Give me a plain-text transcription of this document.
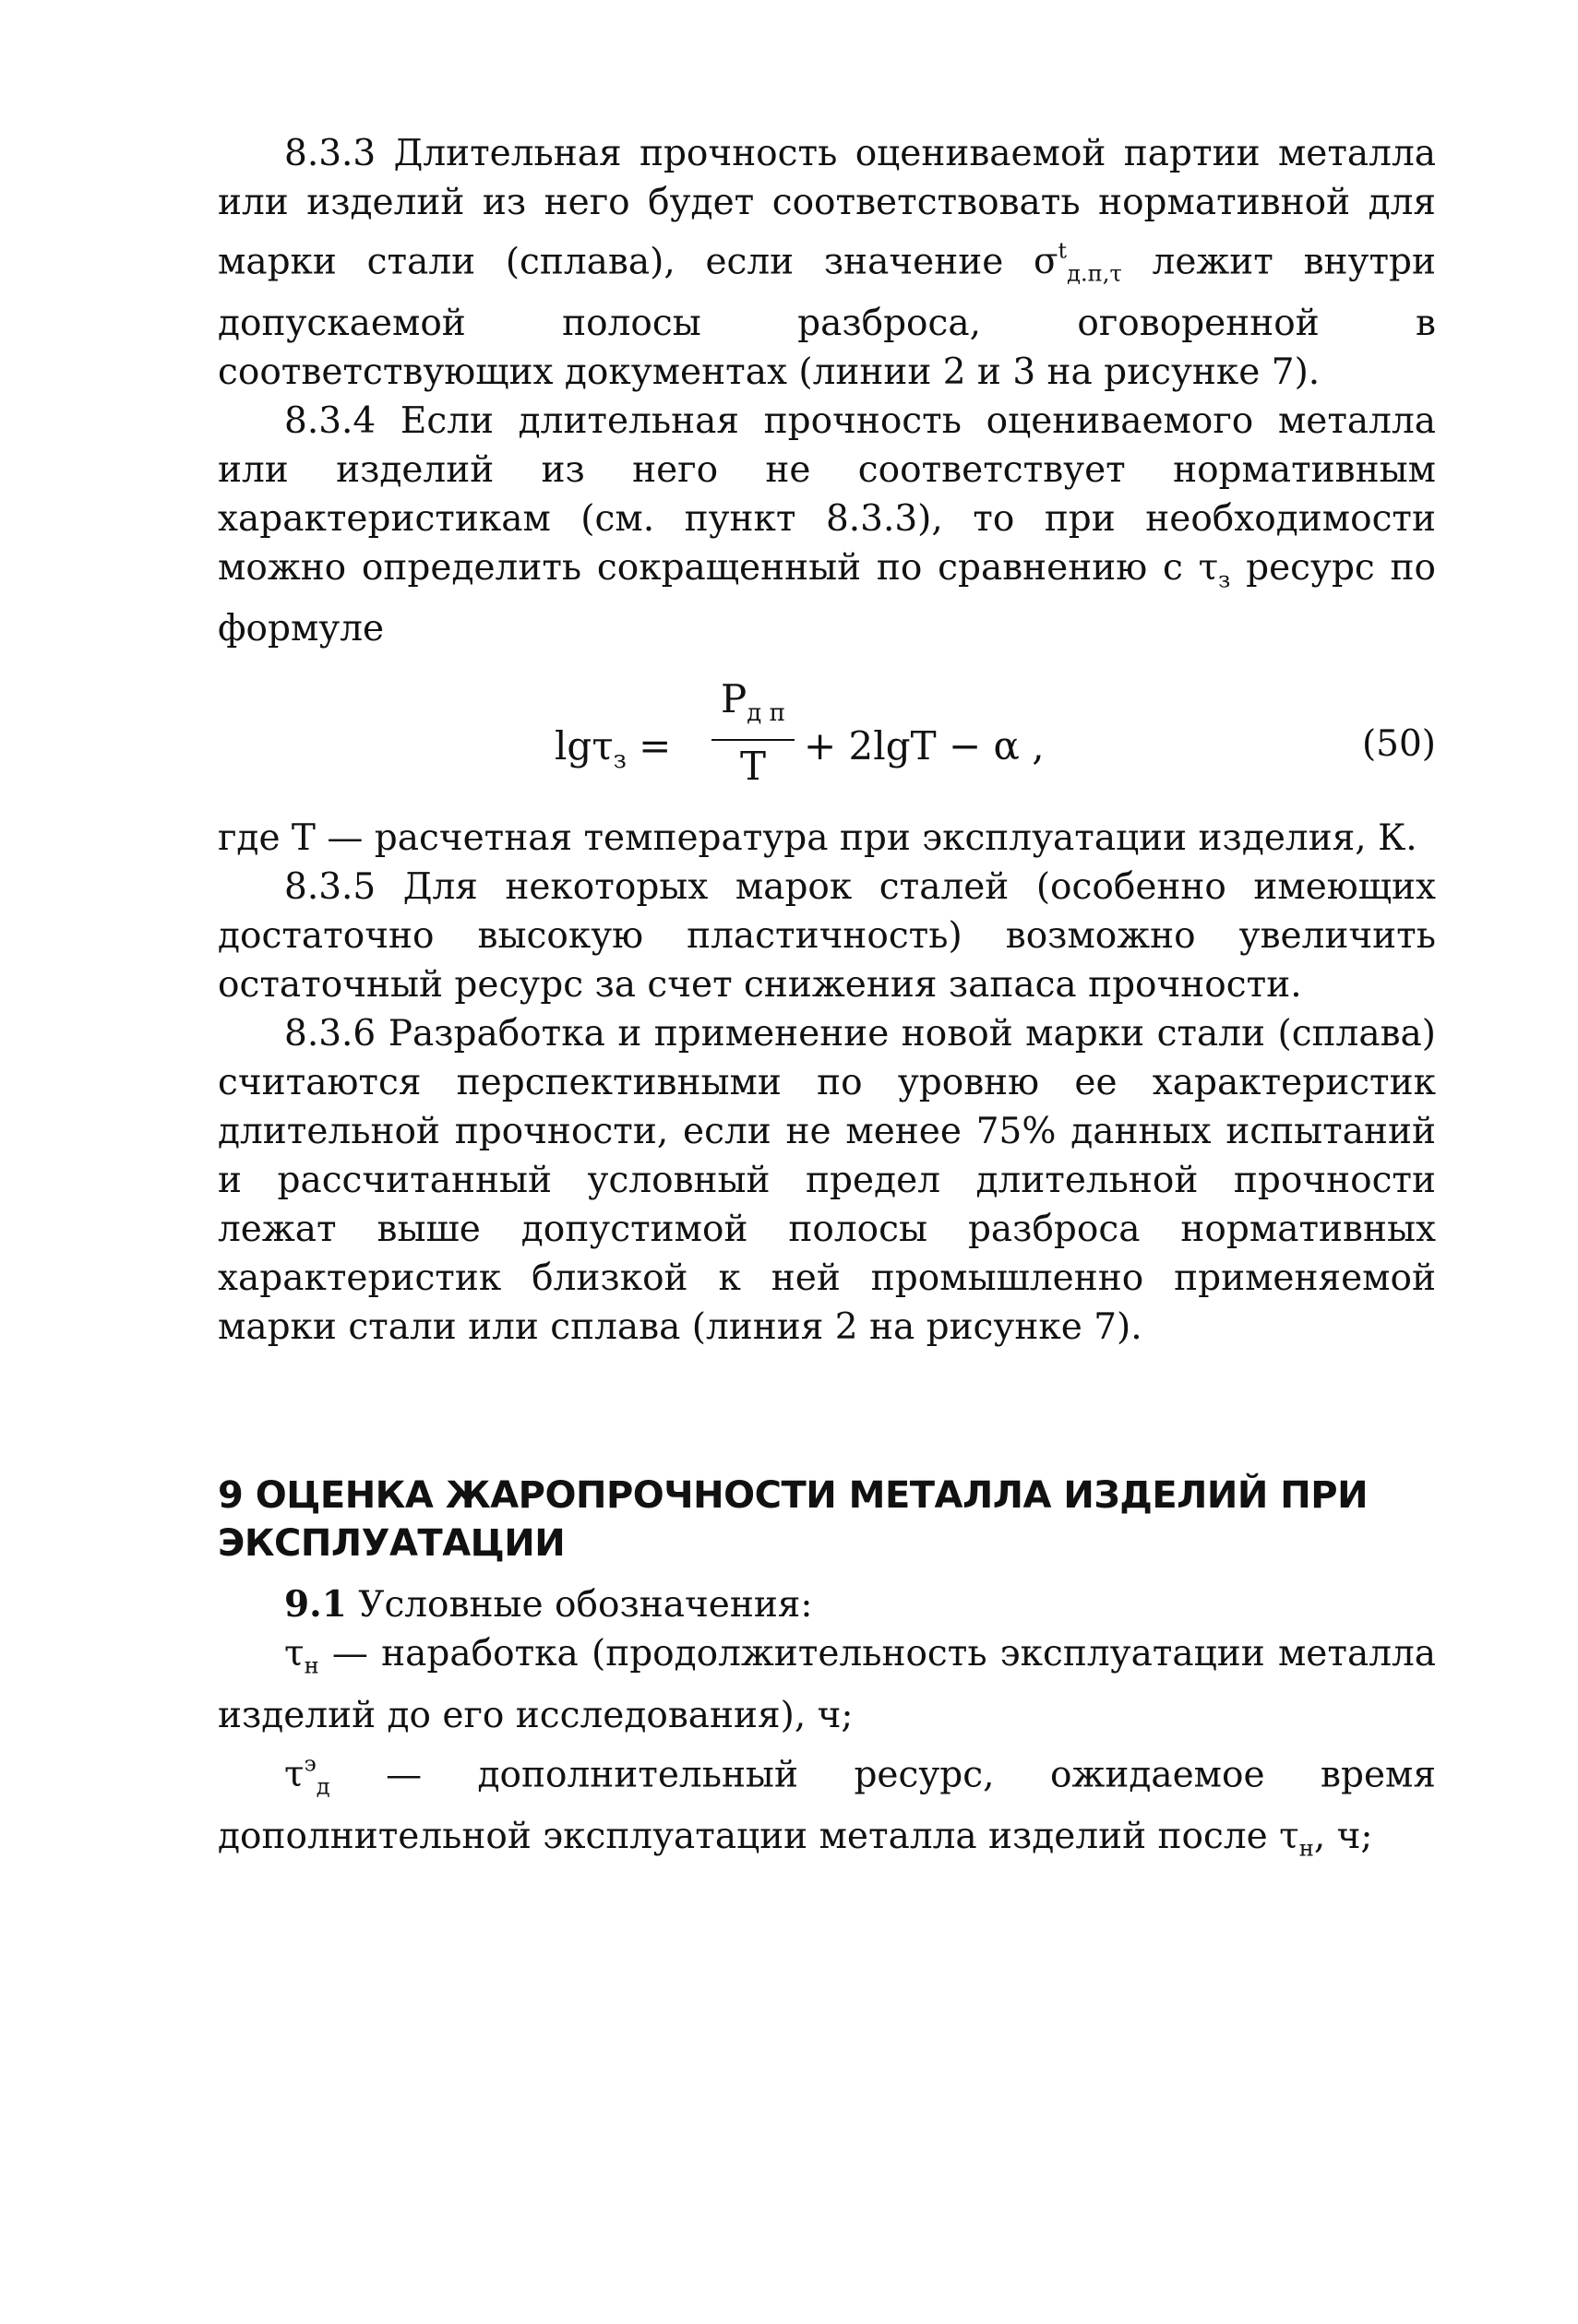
8.3.3 Длительная прочность оцениваемой партии металла или изделий из него будет соответствовать нормативной для марки стали (сплава), если значение $\sigma^t_{д.п,\tau}$ лежит внутри допускаемой полосы разброса, оговоренной в соответствующих документах (линии 2 и 3 на рисунке 7).

8.3.4 Если длительная прочность оцениваемого металла или изделий из него не соответствует нормативным характеристикам (см. пункт 8.3.3), то при необходимости можно определить сокращенный по сравнению с $\tau_з$ ресурс по формуле

lgτ$_з$ =
$P_{д п}$
T + 2lgT − α ,	(50)

где T — расчетная температура при эксплуатации изделия, К.

8.3.5 Для некоторых марок сталей (особенно имеющих достаточно высокую пластичность) возможно увеличить остаточный ресурс за счет снижения запаса прочности.

8.3.6 Разработка и применение новой марки стали (сплава) считаются перспективными по уровню ее характеристик длительной прочности, если не менее 75% данных испытаний и рассчитанный условный предел длительной прочности лежат выше допустимой полосы разброса нормативных характеристик близкой к ней промышленно применяемой марки стали или сплава (линия 2 на рисунке 7).

9 ОЦЕНКА ЖАРОПРОЧНОСТИ МЕТАЛЛА ИЗДЕЛИЙ ПРИ ЭКСПЛУАТАЦИИ

9.1 Условные обозначения:

$\tau_н$ — наработка (продолжительность эксплуатации металла изделий до его исследования), ч;

$\tau^э_д$ — дополнительный ресурс, ожидаемое время дополнительной эксплуатации металла изделий после $\tau_н$, ч;
